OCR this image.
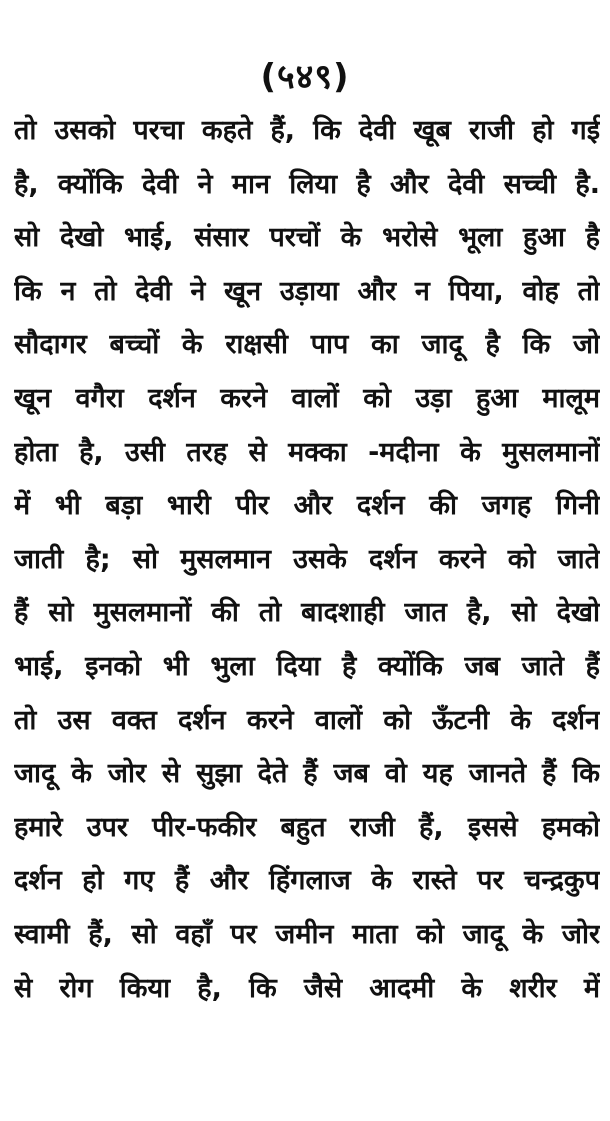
(५४९)
तो उसको परचा कहते हैं, कि देवी खूब राजी हो गई
है, क्योंकि देवी ने मान लिया है और देवी सच्ची है.
सो देखो भाई, संसार परचों के भरोसे भूला हुआ है
कि न तो देवी ने खून उड़ाया और न पिया, वोह तो
सौदागर बच्चों के राक्षसी पाप का जादू है कि जो
खून वगैरा दर्शन करने वालों को उड़ा हुआ मालूम
होता है, उसी तरह से मक्का -मदीना के मुसलमानों
में भी बड़ा भारी पीर और दर्शन की जगह गिनी
जाती है; सो मुसलमान उसके दर्शन करने को जाते
हैं सो मुसलमानों की तो बादशाही जात है, सो देखो
भाई, इनको भी भुला दिया है क्योंकि जब जाते हैं
तो उस वक्त दर्शन करने वालों को ऊँटनी के दर्शन
जादू के जोर से सुझा देते हैं जब वो यह जानते हैं कि
हमारे उपर पीर-फकीर बहुत राजी हैं, इससे हमको
दर्शन हो गए हैं और हिंगलाज के रास्ते पर चन्द्रकुप
स्वामी हैं, सो वहाँ पर जमीन माता को जादू के जोर
से रोग किया है, कि जैसे आदमी के शरीर में
